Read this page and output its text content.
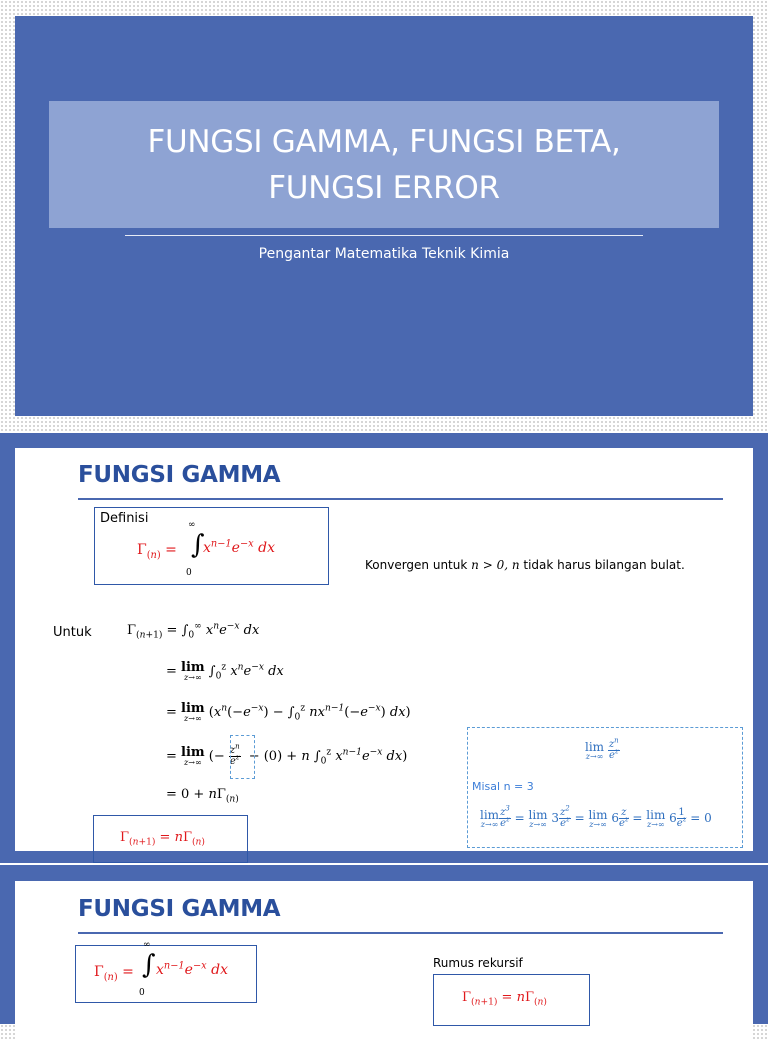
FUNGSI GAMMA, FUNGSI BETA,
FUNGSI ERROR
Pengantar Matematika Teknik Kimia
FUNGSI GAMMA
Definisi
$\Gamma_{(n)}$ = ∫
∞
0
$x^{n-1}e^{-x}$ dx
Konvergen untuk n > 0, n tidak harus bilangan bulat.
Untuk	$\Gamma_{(n+1)} = \int_0^\infty$ $x^ne^{-x}$ dx
= lim
z→∞ $\int_0^z$ $x^ne^{-x}$ dx
= lim
z→∞ ($x^n(-e^{-x}) - \int_0^z$ $nx^{n-1}(-e^{-x})$ dx)
= lim
z→∞ (− $\frac{z^n}{e^z} - (0) + n$ $\int_0^z$ $x^{n-1}e^{-x}$ dx)
= $0 + n\Gamma_{(n)}$
$\Gamma_{(n+1)} = n\Gamma_{(n)}$
lim
z→∞
$\frac{z^n}{e^z}$
Misal n = 3
lim
$z\to\infty \frac{z^3}{e^z} = \lim$
z→∞ $3 \frac{z^2}{e^z} = \lim$
z→∞ $6 \frac{z}{e^z} = \lim$
z→∞ $6 \frac{1}{e^z} = 0$
FUNGSI GAMMA
$\Gamma_{(n)}$ = ∫
∞
0
$x^{n-1}e^{-x}$ dx	Rumus rekursif
$\Gamma_{(n+1)} = n\Gamma_{(n)}$
